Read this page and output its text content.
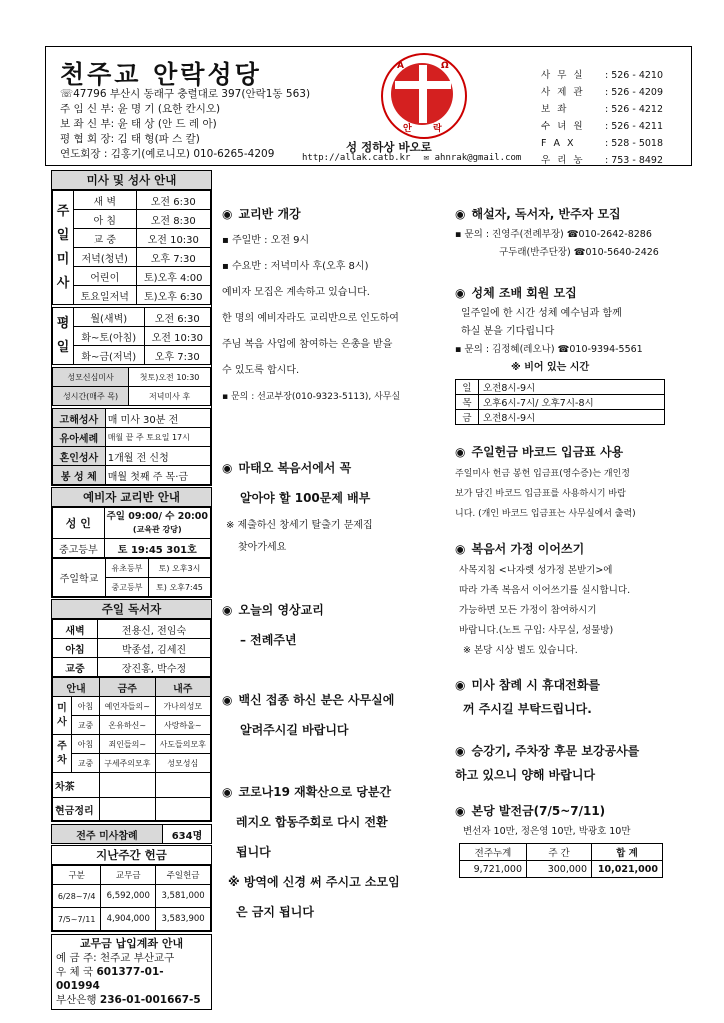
천주교 안락성당
☏47796 부산시 동래구 충렬대로 397(안락1동 563)
주 임 신 부: 윤 명 기 (요한 칸시오)
보 좌 신 부: 윤 태 상 (안 드 레 아)
평 협 회 장: 김 태 형(파 스 칼)
연도회장 : 김홍기(예로니모) 010-6265-4209
A	Ω
안 락
성 정하상 바오로
http://allak.catb.kr ✉ ahnrak@gmail.com
사 무 실 : 526 - 4210
사 제 관 : 526 - 4209
보 좌	: 526 - 4212
수 녀 원 : 526 - 4211
F A X	: 528 - 5018
우 리 농 : 753 - 8492
미사 및 성사 안내
주
일
미
사	새 벽	오전 6:30
	아 침	오전 8:30
	교 중	오전 10:30
	저녁(청년)	오후 7:30
	어린이	토)오후 4:00
	토요일저녁	토)오후 6:30
평
일	월(새벽)	오전 6:30
	화~토(아침)	오전 10:30
	화~금(저녁)	오후 7:30
성모신심미사	첫토)오전 10:30
성시간(매주 목)	저녁미사 후
고해성사	매 미사 30분 전
유아세례	매월 끝 주 토요일 17시
혼인성사	1개월 전 신청
봉 성 체	매월 첫째 주 목·금
예비자 교리반 안내
성 인	주일 09:00/ 수 20:00
(교육관 강당)

중고등부	토 19:45 301호
주일학교	유초등부	토) 오후3시
	중고등부	토) 오후7:45
주일 독서자
새벽	전용신, 전임숙
아침	박종섭, 김세진
교중	장진홍, 박수정
안내		금주	내주

미
사	아침	예언자들의~	가나의성모
	교중	온유하신~	사랑하올~

주
차	아침	죄인들의~	사도들의모후
	교중	구세주의모후	성모성심
차茶			
현금정리			
전주 미사참례	634명
지난주간 헌금
구분	교무금	주일헌금
6/28~7/4	6,592,000	3,581,000
7/5~7/11	4,904,000	3,583,900
교무금 납입계좌 안내
예 금 주: 천주교 부산교구
우 체 국 601377-01-001994
부산은행 236-01-001667-5
◉ 교리반 개강
▪ 주일반 : 오전 9시
▪ 수요반 : 저녁미사 후(오후 8시)
예비자 모집은 계속하고 있습니다.
한 명의 예비자라도 교리반으로 인도하여
주님 복음 사업에 참여하는 은총을 받을
수 있도록 합시다.
▪ 문의 : 선교부장(010-9323-5113), 사무실
◉ 마태오 복음서에서 꼭
알아야 할 100문제 배부
※ 제출하신 창세기 탈출기 문제집
찾아가세요
◉ 오늘의 영상교리
– 전례주년
◉ 백신 접종 하신 분은 사무실에
알려주시길 바랍니다
◉ 코로나19 재확산으로 당분간
레지오 합동주회로 다시 전환
됩니다
※ 방역에 신경 써 주시고 소모임
은 금지 됩니다
◉ 해설자, 독서자, 반주자 모집
▪ 문의 : 진영주(전례부장) ☎010-2642-8286
구두래(반주단장) ☎010-5640-2426
◉ 성체 조배 회원 모집
일주일에 한 시간 성체 예수님과 함께
하실 분을 기다립니다
▪ 문의 : 김정혜(레오나) ☎010-9394-5561
※ 비어 있는 시간
일	오전8시-9시
목	오후6시-7시/ 오후7시-8시
금	오전8시-9시
◉ 주일헌금 바코드 입금표 사용
주일미사 헌금 봉헌 입금표(영수증)는 개인정
보가 담긴 바코드 입금표를 사용하시기 바랍
니다. (개인 바코드 입금표는 사무실에서 출력)
◉ 복음서 가정 이어쓰기
사목지침 <나자렛 성가정 본받기>에
따라 가족 복음서 이어쓰기를 실시합니다.
가능하면 모든 가정이 참여하시기
바랍니다.(노트 구입: 사무실, 성물방)
※ 본당 시상 별도 있습니다.
◉ 미사 참례 시 휴대전화를
꺼 주시길 부탁드립니다.
◉ 승강기, 주차장 후문 보강공사를
하고 있으니 양해 바랍니다
◉ 본당 발전금(7/5~7/11)
변선자 10만, 정은영 10만, 박광호 10만
전주누계	주 간	합 계
9,721,000	300,000	10,021,000
